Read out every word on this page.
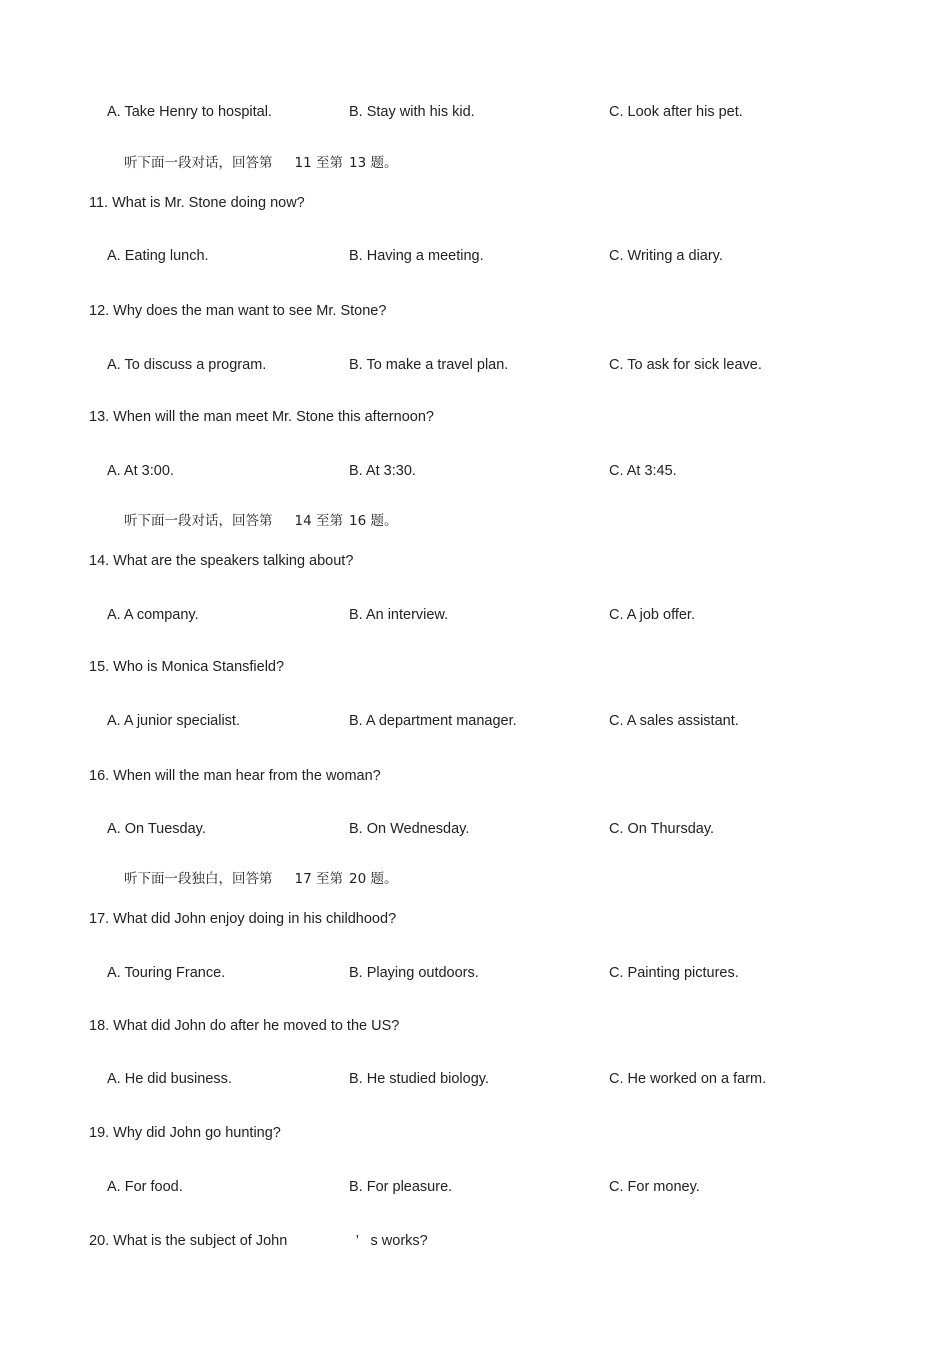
A. Take Henry to hospital.	B. Stay with his kid.	C. Look after his pet.
听下面一段对话，回答第 11 至第 13 题。
11. What is Mr. Stone doing now?
A. Eating lunch.	B. Having a meeting.	C. Writing a diary.
12. Why does the man want to see Mr. Stone?
A. To discuss a program.	B. To make a travel plan.	C. To ask for sick leave.
13. When will the man meet Mr. Stone this afternoon?
A. At 3:00.	B. At 3:30.	C. At 3:45.
听下面一段对话，回答第 14 至第 16 题。
14. What are the speakers talking about?
A. A company.	B. An interview.	C. A job offer.
15. Who is Monica Stansfield?
A. A junior specialist.	B. A department manager.	C. A sales assistant.
16. When will the man hear from the woman?
A. On Tuesday.	B. On Wednesday.	C. On Thursday.
听下面一段独白，回答第 17 至第 20 题。
17. What did John enjoy doing in his childhood?
A. Touring France.	B. Playing outdoors.	C. Painting pictures.
18. What did John do after he moved to the US?
A. He did business.	B. He studied biology.	C. He worked on a farm.
19. Why did John go hunting?
A. For food.	B. For pleasure.	C. For money.
20. What is the subject of John                 ’   s works?
